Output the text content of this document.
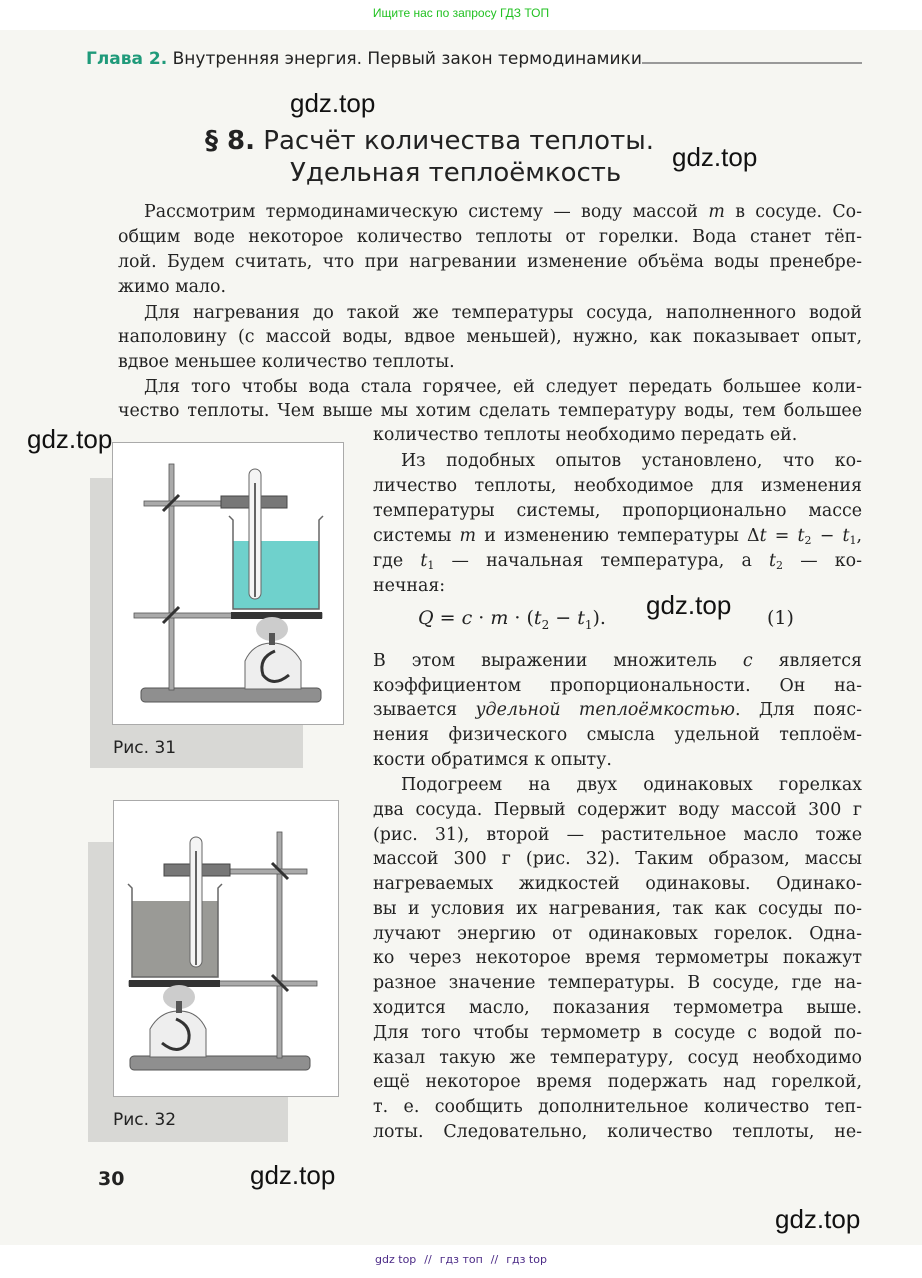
Ищите нас по запросу ГДЗ ТОП
Глава 2. Внутренняя энергия. Первый закон термодинамики
§ 8. Расчёт количества теплоты.
Удельная теплоёмкость
Рассмотрим термодинамическую систему — воду массой m в сосуде. Со-
общим воде некоторое количество теплоты от горелки. Вода станет тёп-
лой. Будем считать, что при нагревании изменение объёма воды пренебре-
жимо мало.
Для нагревания до такой же температуры сосуда, наполненного водой
наполовину (с массой воды, вдвое меньшей), нужно, как показывает опыт,
вдвое меньшее количество теплоты.
Для того чтобы вода стала горячее, ей следует передать большее коли-
чество теплоты. Чем выше мы хотим сделать температуру воды, тем большее
количество теплоты необходимо передать ей.
Из подобных опытов установлено, что ко-
личество теплоты, необходимое для изменения
температуры системы, пропорционально массе
системы m и изменению температуры $\Delta t = t_2 - t_1$,
где $t_1$ — начальная температура, а $t_2$ — ко-
нечная:
В этом выражении множитель c является
коэффициентом пропорциональности. Он на-
зывается удельной теплоёмкостью. Для пояс-
нения физического смысла удельной теплоём-
кости обратимся к опыту.
Подогреем на двух одинаковых горелках
два сосуда. Первый содержит воду массой 300 г
(рис. 31), второй — растительное масло тоже
массой 300 г (рис. 32). Таким образом, массы
нагреваемых жидкостей одинаковы. Одинако-
вы и условия их нагревания, так как сосуды по-
лучают энергию от одинаковых горелок. Одна-
ко через некоторое время термометры покажут
разное значение температуры. В сосуде, где на-
ходится масло, показания термометра выше.
Для того чтобы термометр в сосуде с водой по-
казал такую же температуру, сосуд необходимо
ещё некоторое время подержать над горелкой,
т. е. сообщить дополнительное количество теп-
лоты. Следовательно, количество теплоты, не-
$Q = c \cdot m \cdot (t_2 - t_1)$.	(1)
Рис. 31
Рис. 32
30
gdz.top
gdz.top
gdz.top
gdz.top
gdz.top
gdz.top
gdz top // гдз топ // гдз top
